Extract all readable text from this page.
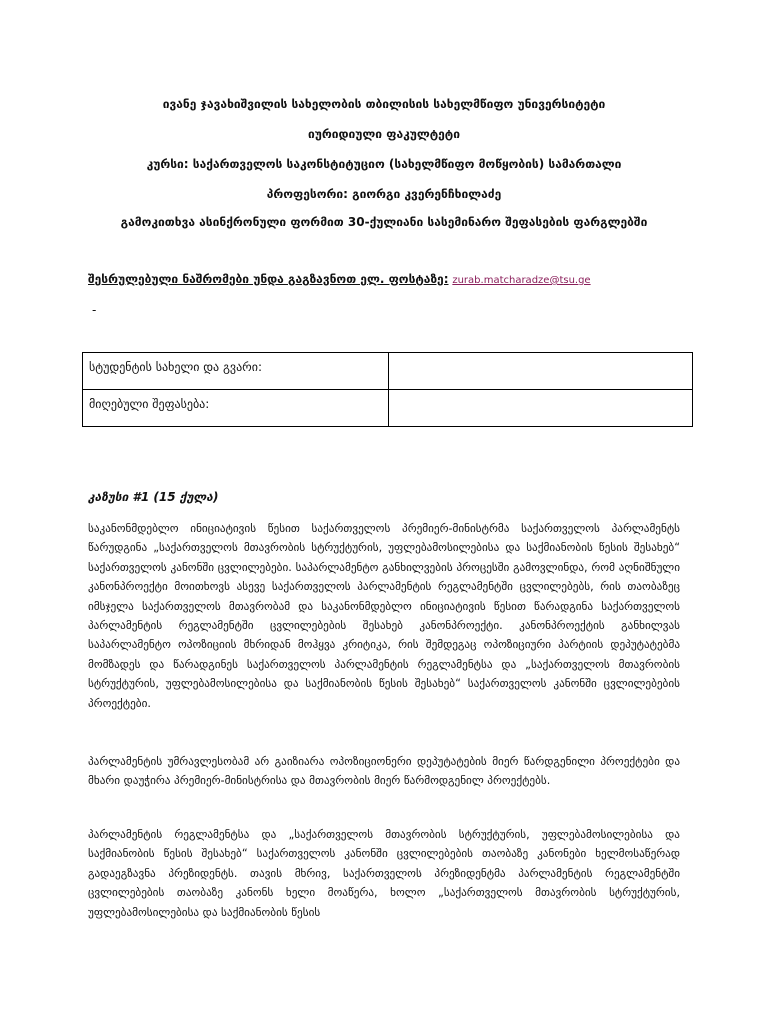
ივანე ჯავახიშვილის სახელობის თბილისის სახელმწიფო უნივერსიტეტი
იურიდიული ფაკულტეტი
კურსი: საქართველოს საკონსტიტუციო (სახელმწიფო მოწყობის) სამართალი
პროფესორი: გიორგი კვერენჩხილაძე
გამოკითხვა ასინქრონული ფორმით 30-ქულიანი სასემინარო შეფასების ფარგლებში
შესრულებული ნაშრომები უნდა გაგზავნოთ ელ. ფოსტაზე: zurab.matcharadze@tsu.ge
-
სტუდენტის სახელი და გვარი:	
მიღებული შეფასება:	
კაზუსი #1 (15 ქულა)
საკანონმდებლო ინიციატივის წესით საქართველოს პრემიერ-მინისტრმა საქართველოს პარლამენტს წარუდგინა „საქართველოს მთავრობის სტრუქტურის, უფლებამოსილებისა და საქმიანობის წესის შესახებ“ საქართველოს კანონში ცვლილებები. საპარლამენტო განხილვების პროცესში გამოვლინდა, რომ აღნიშნული კანონპროექტი მოითხოვს ასევე საქართველოს პარლამენტის რეგლამენტში ცვლილებებს, რის თაობაზეც იმსჯელა საქართველოს მთავრობამ და საკანონმდებლო ინიციატივის წესით წარადგინა საქართველოს პარლამენტის რეგლამენტში ცვლილებების შესახებ კანონპროექტი. კანონპროექტის განხილვას საპარლამენტო ოპოზიციის მხრიდან მოჰყვა კრიტიკა, რის შემდეგაც ოპოზიციური პარტიის დეპუტატებმა მომზადეს და წარადგინეს საქართველოს პარლამენტის რეგლამენტსა და „საქართველოს მთავრობის სტრუქტურის, უფლებამოსილებისა და საქმიანობის წესის შესახებ“ საქართველოს კანონში ცვლილებების პროექტები.
პარლამენტის უმრავლესობამ არ გაიზიარა ოპოზიციონერი დეპუტატების მიერ წარდგენილი პროექტები და მხარი დაუჭირა პრემიერ-მინისტრისა და მთავრობის მიერ წარმოდგენილ პროექტებს.
პარლამენტის რეგლამენტსა და „საქართველოს მთავრობის სტრუქტურის, უფლებამოსილებისა და საქმიანობის წესის შესახებ“ საქართველოს კანონში ცვლილებების თაობაზე კანონები ხელმოსაწერად გადაეგზავნა პრეზიდენტს. თავის მხრივ, საქართველოს პრეზიდენტმა პარლამენტის რეგლამენტში ცვლილებების თაობაზე კანონს ხელი მოაწერა, ხოლო „საქართველოს მთავრობის სტრუქტურის, უფლებამოსილებისა და საქმიანობის წესის
